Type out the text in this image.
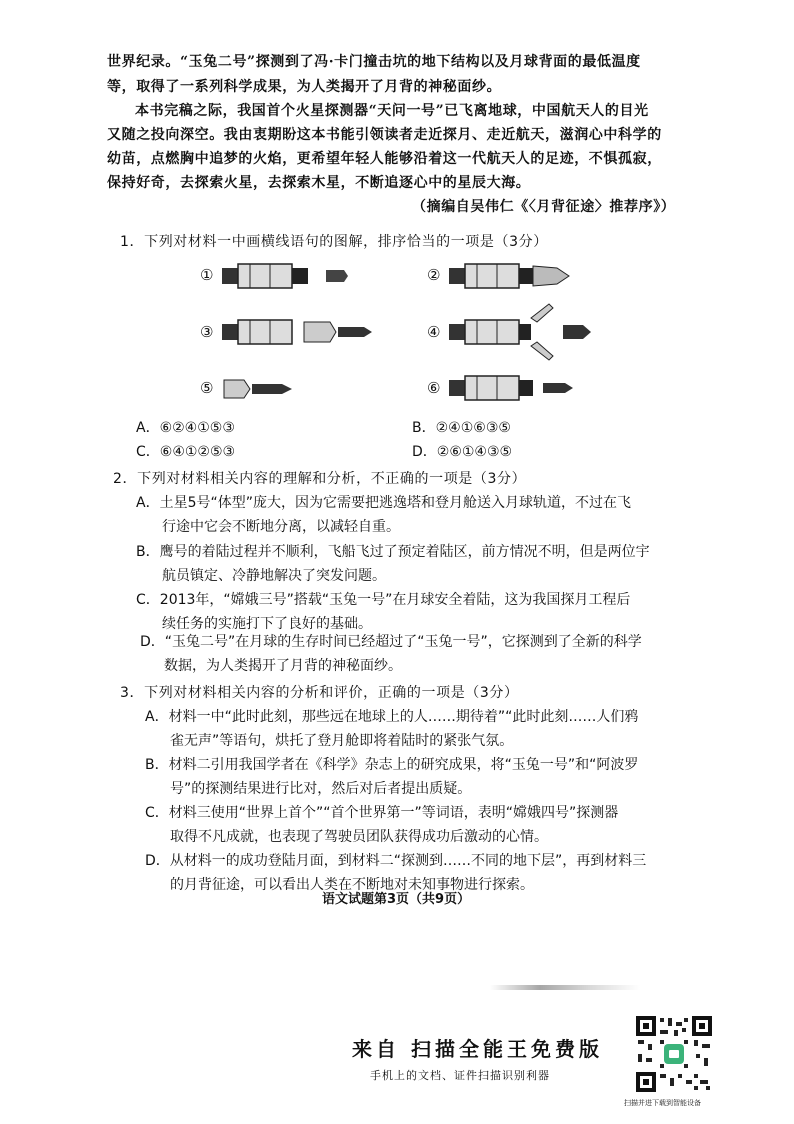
世界纪录。“玉兔二号”探测到了冯·卡门撞击坑的地下结构以及月球背面的最低温度
等，取得了一系列科学成果，为人类揭开了月背的神秘面纱。
本书完稿之际，我国首个火星探测器“天问一号”已飞离地球，中国航天人的目光
又随之投向深空。我由衷期盼这本书能引领读者走近探月、走近航天，滋润心中科学的
幼苗，点燃胸中追梦的火焰，更希望年轻人能够沿着这一代航天人的足迹，不惧孤寂，
保持好奇，去探索火星，去探索木星，不断追逐心中的星辰大海。
（摘编自吴伟仁《〈月背征途〉推荐序》）
1．下列对材料一中画横线语句的图解，排序恰当的一项是（3分）
①	②
③	④
⑤	⑥
A．⑥②④①⑤③	B．②④①⑥③⑤
C．⑥④①②⑤③	D．②⑥①④③⑤
2．下列对材料相关内容的理解和分析，不正确的一项是（3分）
A．土星5号“体型”庞大，因为它需要把逃逸塔和登月舱送入月球轨道，不过在飞
行途中它会不断地分离，以减轻自重。
B．鹰号的着陆过程并不顺利，飞船飞过了预定着陆区，前方情况不明，但是两位宇
航员镇定、冷静地解决了突发问题。
C．2013年，“嫦娥三号”搭载“玉兔一号”在月球安全着陆，这为我国探月工程后
续任务的实施打下了良好的基础。
D．“玉兔二号”在月球的生存时间已经超过了“玉兔一号”，它探测到了全新的科学
数据，为人类揭开了月背的神秘面纱。
3．下列对材料相关内容的分析和评价，正确的一项是（3分）
A．材料一中“此时此刻，那些远在地球上的人……期待着”“此时此刻……人们鸦
雀无声”等语句，烘托了登月舱即将着陆时的紧张气氛。
B．材料二引用我国学者在《科学》杂志上的研究成果，将“玉兔一号”和“阿波罗
号”的探测结果进行比对，然后对后者提出质疑。
C．材料三使用“世界上首个”“首个世界第一”等词语，表明“嫦娥四号”探测器
取得不凡成就，也表现了驾驶员团队获得成功后激动的心情。
D．从材料一的成功登陆月面，到材料二“探测到……不同的地下层”，再到材料三
的月背征途，可以看出人类在不断地对未知事物进行探索。
语文试题第3页（共9页）
来自 扫描全能王免费版
手机上的文档、证件扫描识别利器
扫描并进下载到智能设备
